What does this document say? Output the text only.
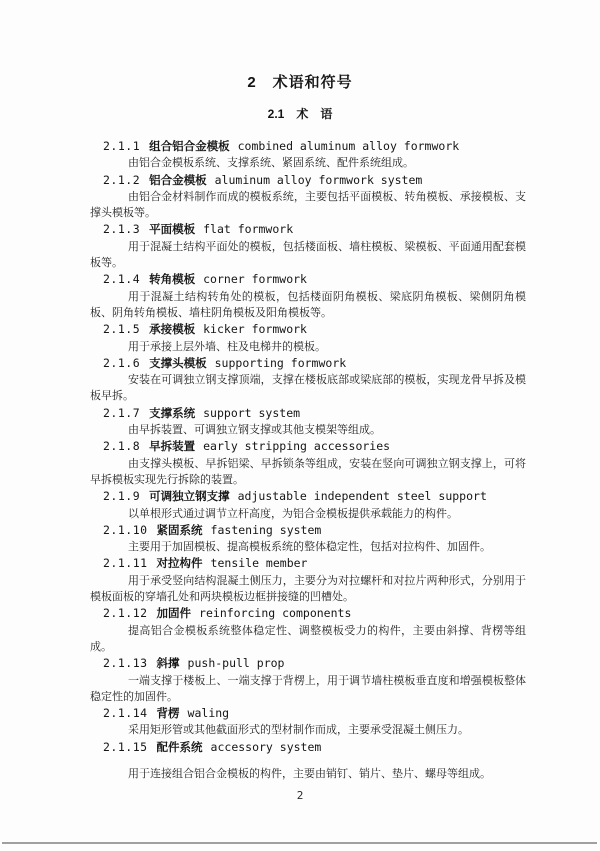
2　术语和符号
2.1　术　语
2.1.1 组合铝合金模板 combined aluminum alloy formwork

由铝合金模板系统、支撑系统、紧固系统、配件系统组成。

2.1.2 铝合金模板 aluminum alloy formwork system

由铝合金材料制作而成的模板系统，主要包括平面模板、转角模板、承接模板、支撑头模板等。

2.1.3 平面模板 flat formwork

用于混凝土结构平面处的模板，包括楼面板、墙柱模板、梁模板、平面通用配套模板等。

2.1.4 转角模板 corner formwork

用于混凝土结构转角处的模板，包括楼面阴角模板、梁底阴角模板、梁侧阴角模板、阴角转角模板、墙柱阴角模板及阳角模板等。

2.1.5 承接模板 kicker formwork

用于承接上层外墙、柱及电梯井的模板。

2.1.6 支撑头模板 supporting formwork

安装在可调独立钢支撑顶端，支撑在楼板底部或梁底部的模板，实现龙骨早拆及模板早拆。

2.1.7 支撑系统 support system

由早拆装置、可调独立钢支撑或其他支模架等组成。

2.1.8 早拆装置 early stripping accessories

由支撑头模板、早拆铝梁、早拆锁条等组成，安装在竖向可调独立钢支撑上，可将早拆模板实现先行拆除的装置。

2.1.9 可调独立钢支撑 adjustable independent steel support

以单根形式通过调节立杆高度，为铝合金模板提供承载能力的构件。

2.1.10 紧固系统 fastening system

主要用于加固模板、提高模板系统的整体稳定性，包括对拉构件、加固件。

2.1.11 对拉构件 tensile member

用于承受竖向结构混凝土侧压力，主要分为对拉螺杆和对拉片两种形式，分别用于模板面板的穿墙孔处和两块模板边框拼接缝的凹槽处。

2.1.12 加固件 reinforcing components

提高铝合金模板系统整体稳定性、调整模板受力的构件，主要由斜撑、背楞等组成。

2.1.13 斜撑 push-pull prop

一端支撑于楼板上、一端支撑于背楞上，用于调节墙柱模板垂直度和增强模板整体稳定性的加固件。

2.1.14 背楞 waling

采用矩形管或其他截面形式的型材制作而成，主要承受混凝土侧压力。

2.1.15 配件系统 accessory system

用于连接组合铝合金模板的构件，主要由销钉、销片、垫片、螺母等组成。

2
